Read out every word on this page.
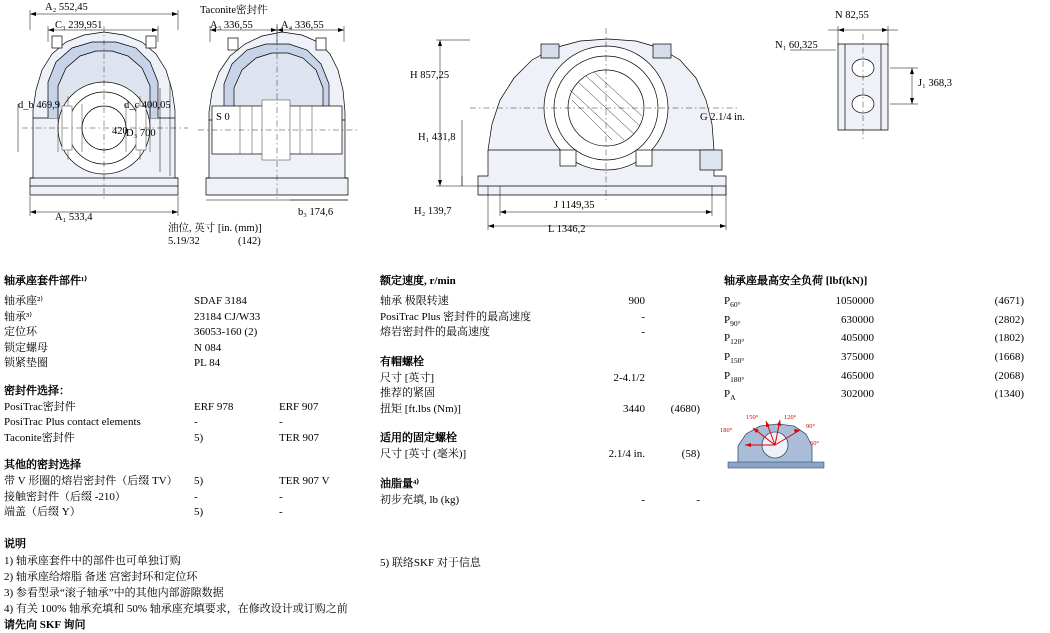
A₂ 552,45
C₃ 239,951
d_b 469,9
420
d_c 400,05
D₃ 700
A₁ 533,4
Taconite密封件
A₃ 336,55	A₄ 336,55
S 0
b₃ 174,6
油位, 英寸 [in. (mm)]
5.19/32	(142)
H 857,25
H₁ 431,8
H₂ 139,7
G 2.1/4 in.
J 1149,35
L 1346,2
N₁ 60,325
N 82,55
J₁ 368,3
轴承座套件部件¹⁾
轴承座²⁾	SDAF 3184
轴承³⁾	23184 CJ/W33
定位环	36053-160 (2)
锁定螺母	N 084
锁紧垫圈	PL 84
密封件选择：
PosiTrac密封件	ERF 978	ERF 907
PosiTrac Plus contact elements	-	-
Taconite密封件	5)	TER 907
其他的密封选择
带 V 形圈的熔岩密封件（后缀 TV）	5)	TER 907 V
接触密封件（后缀 -210）	-	-
端盖（后缀 Y）	5)	-
说明
1) 轴承座套件中的部件也可单独订购
2) 轴承座给熔脂 备迷 宫密封环和定位环
3) 参看型录“滚子轴承”中的其他内部游隙数据
4) 有关 100% 轴承充填和 50% 轴承座充填要求，在修改设计或订购之前
请先向 SKF 询问
额定速度, r/min
轴承 极限转速	900	
PosiTrac Plus 密封件的最高速度	-	
熔岩密封件的最高速度	-	
有帽螺栓
尺寸 [英寸]	2-4.1/2	
推荐的紧固		
扭矩 [ft.lbs (Nm)]	3440	(4680)
适用的固定螺栓
尺寸 [英寸 (毫米)]	2.1/4 in.	(58)
油脂量⁴⁾
初步充填, lb (kg)	-	-
5) 联络SKF 对于信息
轴承座最高安全负荷 [lbf(kN)]
$P_{60^\circ}$	1050000	(4671)
$P_{90^\circ}$	630000	(2802)
$P_{120^\circ}$	405000	(1802)
$P_{150^\circ}$	375000	(1668)
$P_{180^\circ}$	465000	(2068)
$P_A$	302000	(1340)
180°
150°	120°
90°
60°
